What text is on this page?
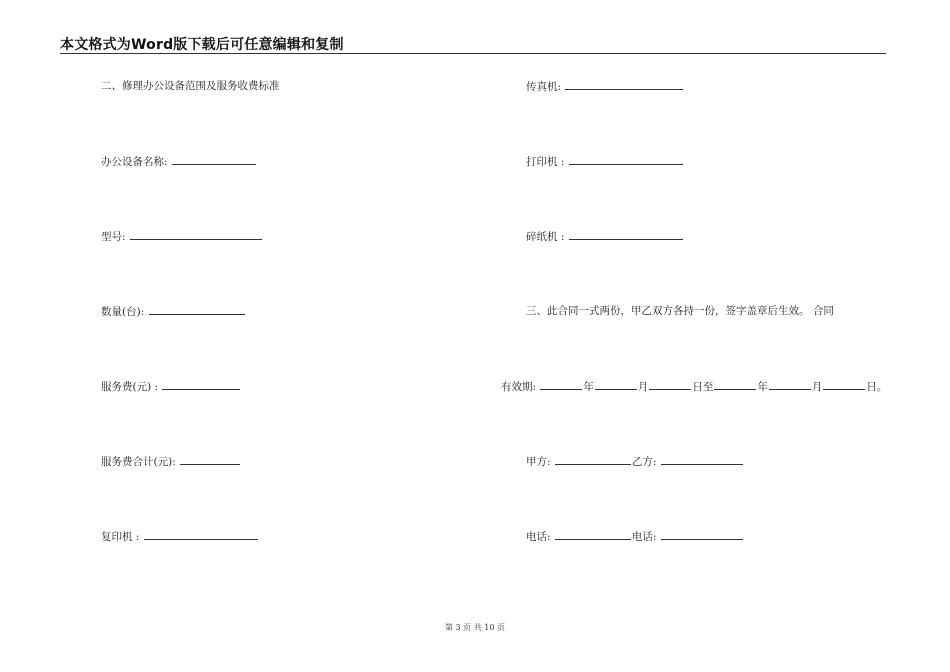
本文格式为Word版下载后可任意编辑和复制
二、修理办公设备范围及服务收费标准
办公设备名称:
型号:
数量(台):
服务费(元) :
服务费合计(元):
复印机 :
传真机:
打印机 :
碎纸机 :
三、此合同一式两份，甲乙双方各持一份，签字盖章后生效。 合同
有效期:	年	月	日至	年	月	日。
甲方:	乙方:
电话:	电话:
第 3 页 共 10 页
